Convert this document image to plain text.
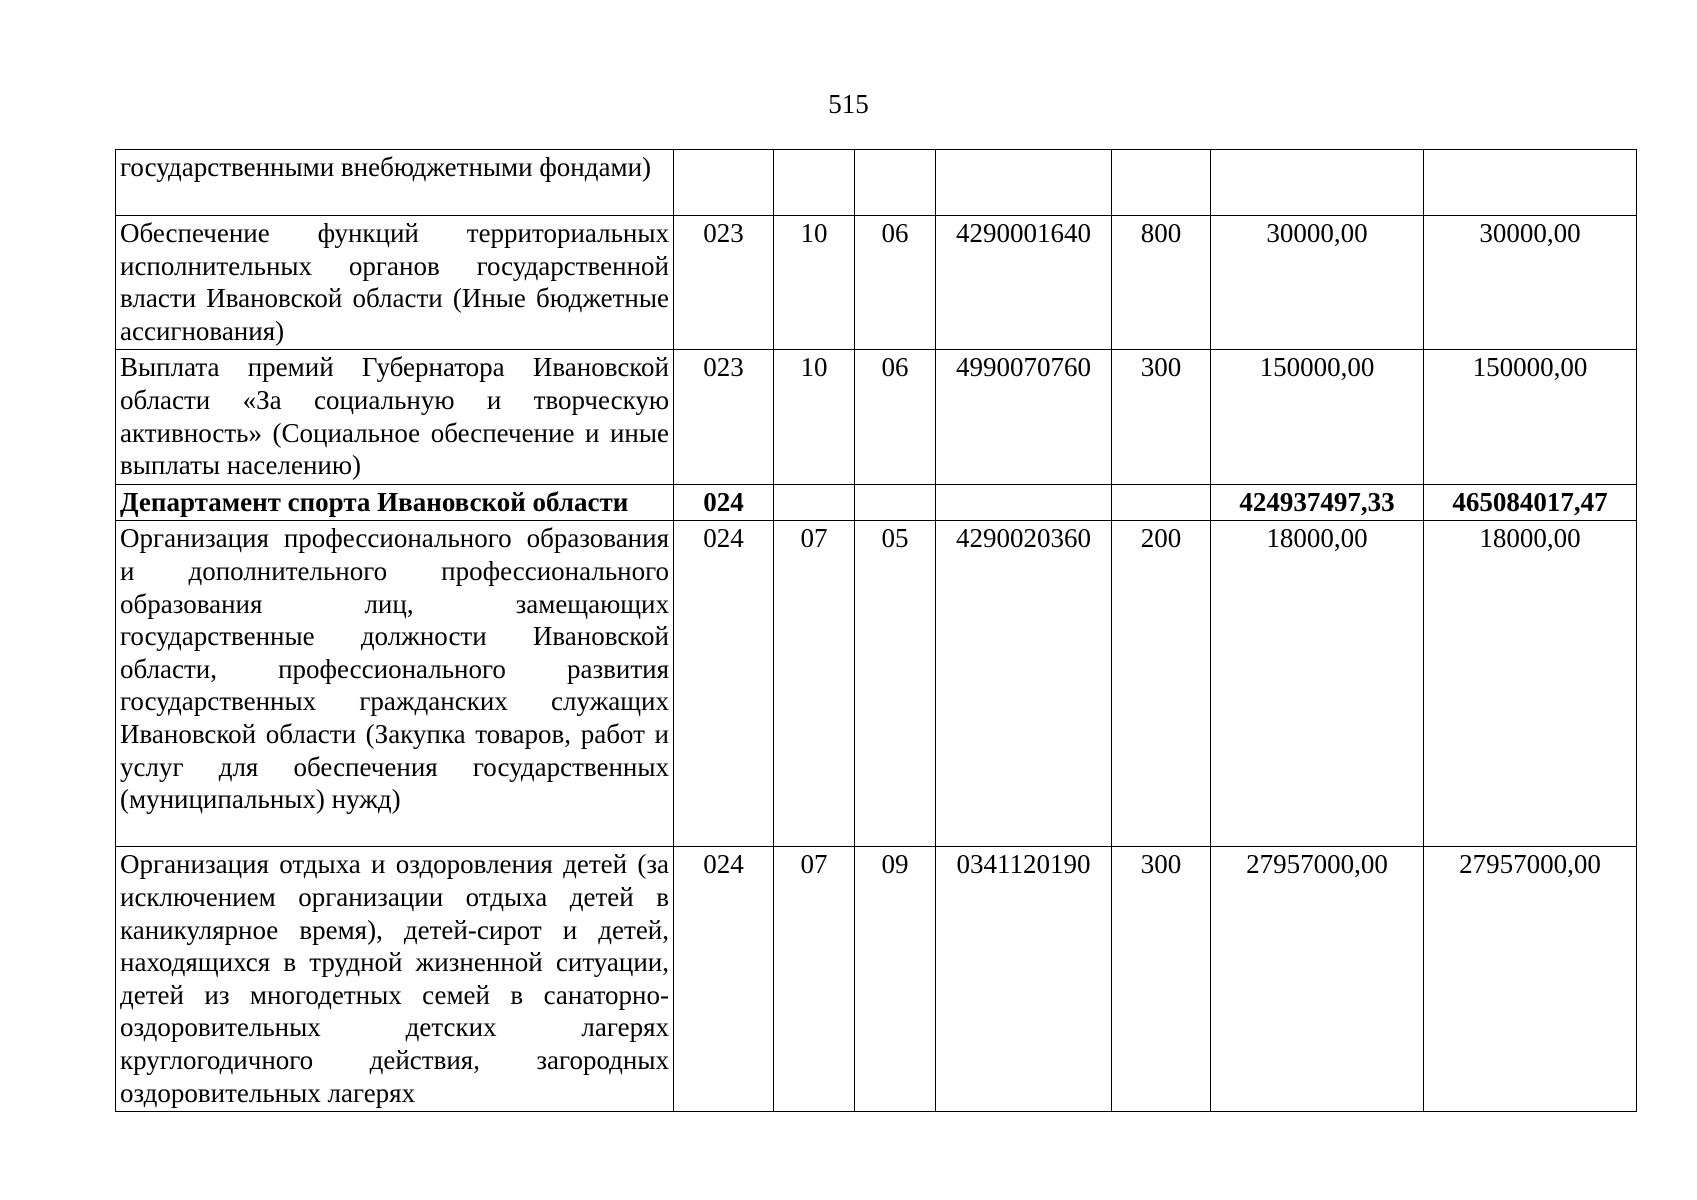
515
государственными внебюджетными фондами)							
Обеспечение функций территориальных исполнительных органов государственной власти Ивановской области (Иные бюджетные ассигнования)	023	10	06	4290001640	800	30000,00	30000,00
Выплата премий Губернатора Ивановской области «За социальную и творческую активность» (Социальное обеспечение и иные выплаты населению)	023	10	06	4990070760	300	150000,00	150000,00
Департамент спорта Ивановской области	024					424937497,33	465084017,47
Организация профессионального образования и дополнительного профессионального образования лиц, замещающих государственные должности Ивановской области, профессионального развития государственных гражданских служащих Ивановской области (Закупка товаров, работ и услуг для обеспечения государственных (муниципальных) нужд)	024	07	05	4290020360	200	18000,00	18000,00
Организация отдыха и оздоровления детей (за исключением организации отдыха детей в каникулярное время), детей-сирот и детей, находящихся в трудной жизненной ситуации, детей из многодетных семей в санаторно-оздоровительных детских лагерях круглогодичного действия, загородных оздоровительных лагерях	024	07	09	0341120190	300	27957000,00	27957000,00
